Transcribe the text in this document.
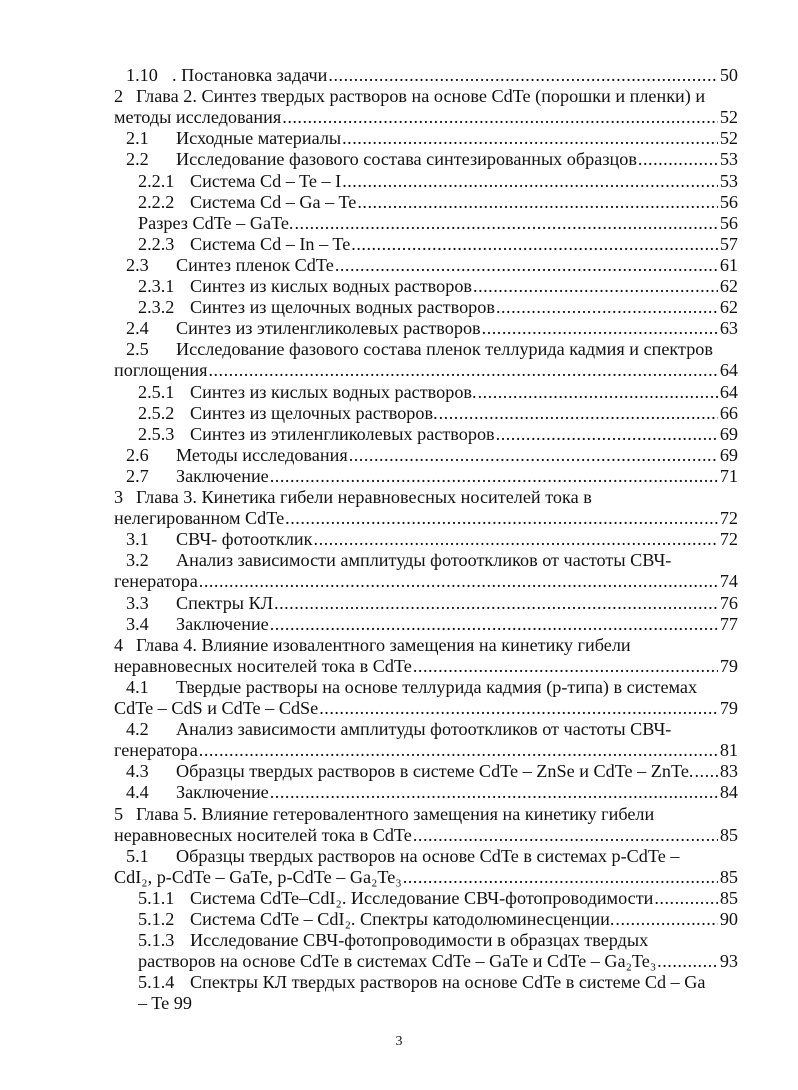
1.10 . Постановка задачи .....	50
2 Глава 2. Синтез твердых растворов на основе CdTe (порошки и пленки) и
методы исследования .....	52
2.1	Исходные материалы .....	52
2.2	Исследование фазового состава синтезированных образцов .....	53
2.2.1 Система Cd – Te – I .....	53
2.2.2 Система Cd – Ga – Te .....	56
Разрез CdTe – GaTe. .....	56
2.2.3 Система Cd – In – Te .....	57
2.3	Синтез пленок CdTe .....	61
2.3.1 Синтез из кислых водных растворов .....	62
2.3.2 Синтез из щелочных водных растворов .....	62
2.4	Синтез из этиленгликолевых растворов .....	63
2.5	Исследование фазового состава пленок теллурида кадмия и спектров
поглощения .....	64
2.5.1 Синтез из кислых водных растворов. .....	64
2.5.2 Синтез из щелочных растворов. .....	66
2.5.3 Синтез из этиленгликолевых растворов .....	69
2.6	Методы исследования .....	69
2.7	Заключение .....	71
3 Глава 3. Кинетика гибели неравновесных носителей тока в
нелегированном CdTe .....	72
3.1	СВЧ- фотоотклик .....	72
3.2	Анализ зависимости амплитуды фотооткликов от частоты СВЧ-
генератора .....	74
3.3	Спектры КЛ .....	76
3.4	Заключение .....	77
4 Глава 4. Влияние изовалентного замещения на кинетику гибели
неравновесных носителей тока в CdTe .....	79
4.1	Твердые растворы на основе теллурида кадмия (р-типа) в системах
CdTe – CdS и CdTe – CdSe .....	79
4.2	Анализ зависимости амплитуды фотооткликов от частоты СВЧ-
генератора .....	81
4.3	Образцы твердых растворов в системе CdTe – ZnSe и CdTe – ZnTe. ..... 83
4.4	Заключение .....	84
5 Глава 5. Влияние гетеровалентного замещения на кинетику гибели
неравновесных носителей тока в CdTe .....	85
5.1	Образцы твердых растворов на основе CdTe в системах p-CdTe –
CdI₂, p-CdTe – GaTe, p-CdTe – Ga₂Te₃ .....	85
5.1.1 Система CdTe–CdI₂. Исследование СВЧ-фотопроводимости .....	85
5.1.2 Система CdTe – CdI₂. Спектры катодолюминесценции. .....	90
5.1.3 Исследование СВЧ-фотопроводимости в образцах твердых
растворов на основе CdTe в системах CdTe – GaTe и CdTe – Ga₂Te₃ .....	93
5.1.4 Спектры КЛ твердых растворов на основе CdTe в системе Cd – Ga
– Te 99
3
